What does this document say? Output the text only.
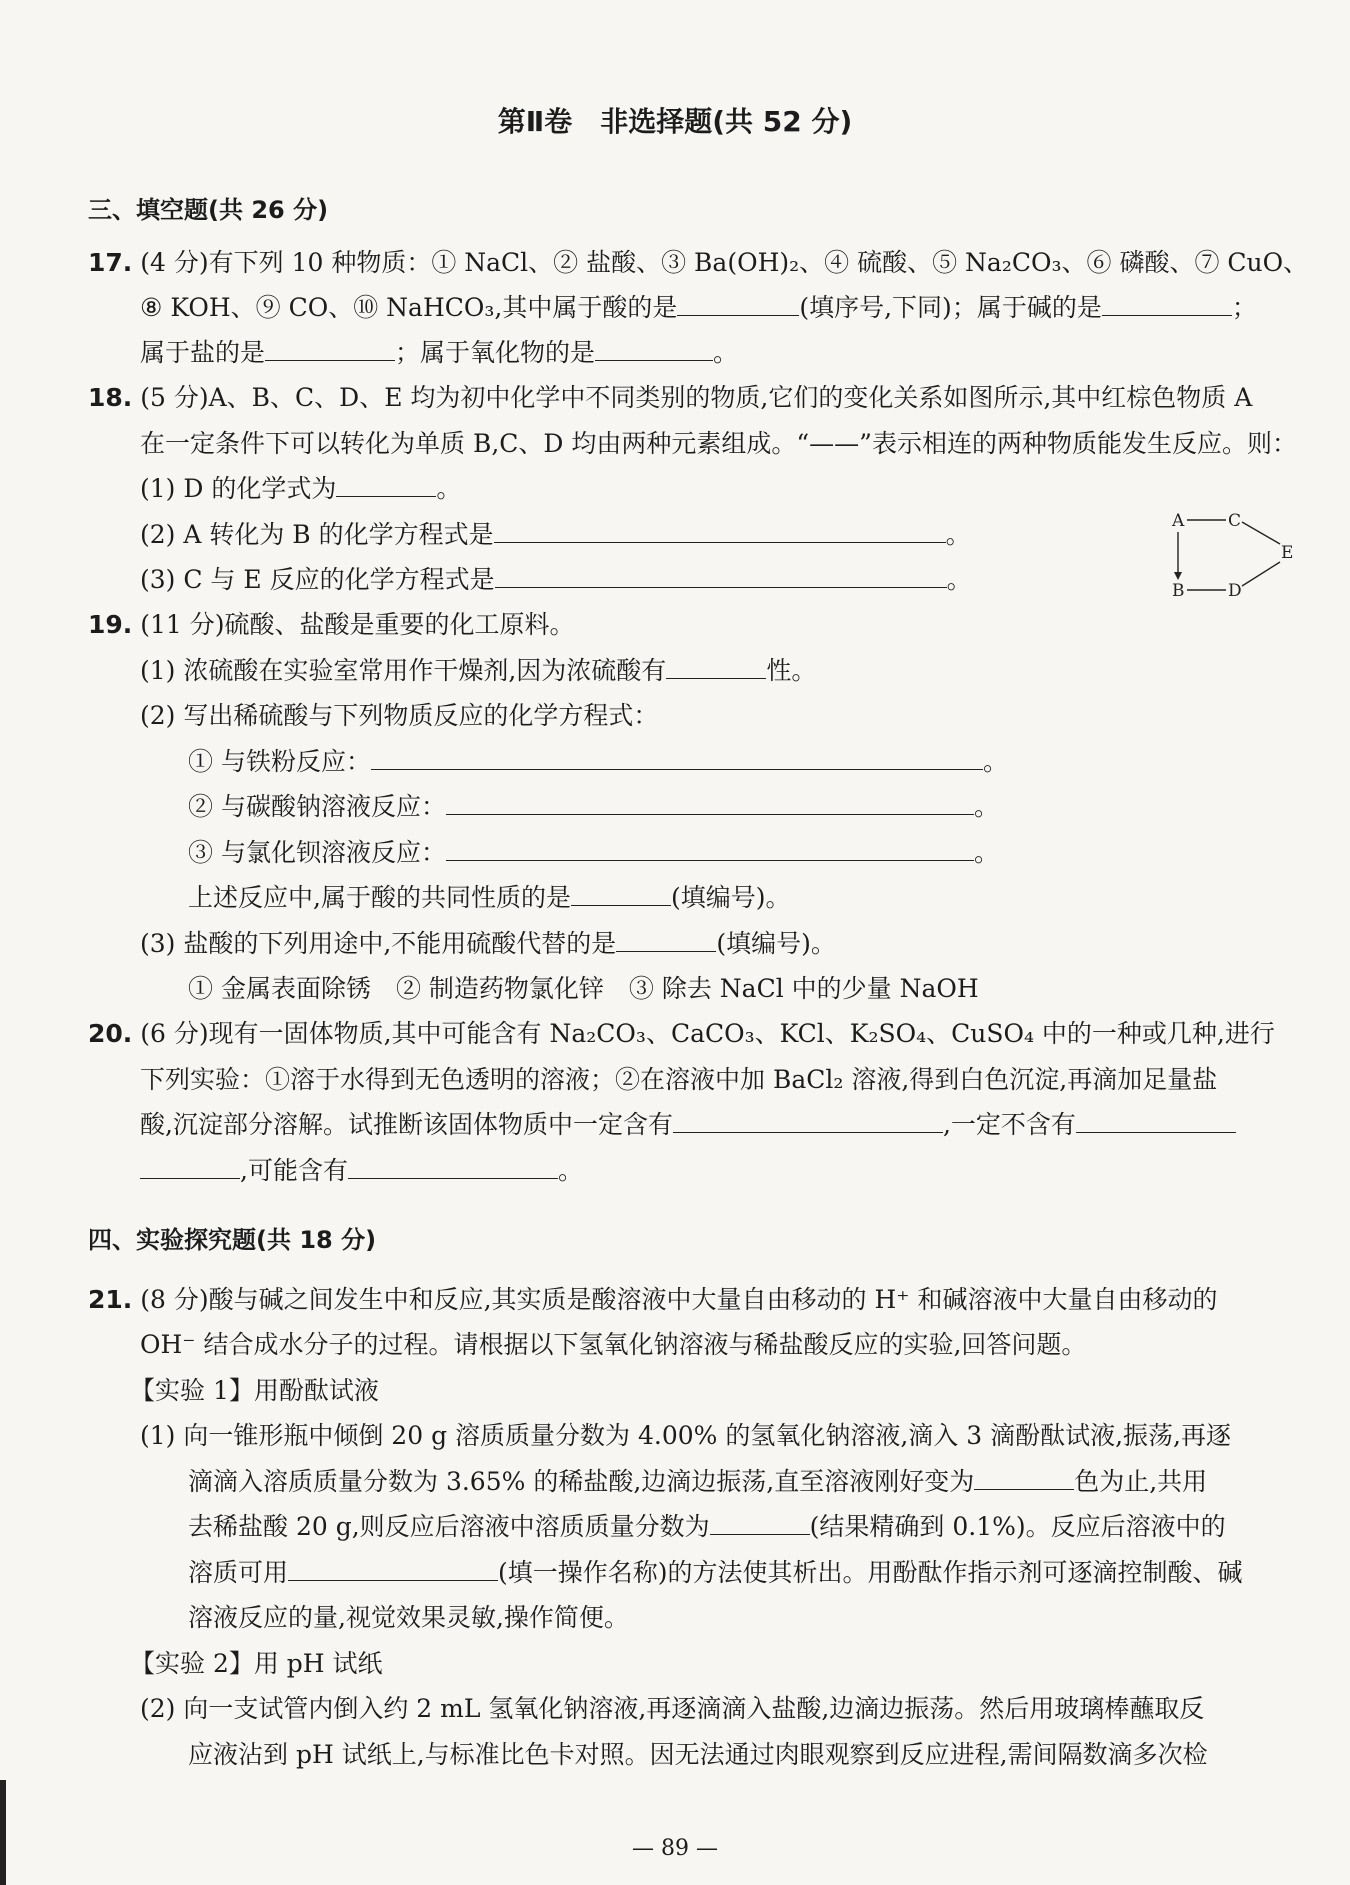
第Ⅱ卷　非选择题(共 52 分)
三、填空题(共 26 分)
17. (4 分)有下列 10 种物质：① NaCl、② 盐酸、③ Ba(OH)₂、④ 硫酸、⑤ Na₂CO₃、⑥ 磷酸、⑦ CuO、
⑧ KOH、⑨ CO、⑩ NaHCO₃,其中属于酸的是	(填序号,下同)；属于碱的是	；
属于盐的是	；属于氧化物的是	。
18. (5 分)A、B、C、D、E 均为初中化学中不同类别的物质,它们的变化关系如图所示,其中红棕色物质 A
在一定条件下可以转化为单质 B,C、D 均由两种元素组成。“——”表示相连的两种物质能发生反应。则：
(1) D 的化学式为	。
(2) A 转化为 B 的化学方程式是	。
(3) C 与 E 反应的化学方程式是	。
A	C
E
B	D
19. (11 分)硫酸、盐酸是重要的化工原料。
(1) 浓硫酸在实验室常用作干燥剂,因为浓硫酸有	性。
(2) 写出稀硫酸与下列物质反应的化学方程式：
① 与铁粉反应：	。
② 与碳酸钠溶液反应：	。
③ 与氯化钡溶液反应：	。
上述反应中,属于酸的共同性质的是	(填编号)。
(3) 盐酸的下列用途中,不能用硫酸代替的是	(填编号)。
① 金属表面除锈　② 制造药物氯化锌　③ 除去 NaCl 中的少量 NaOH
20. (6 分)现有一固体物质,其中可能含有 Na₂CO₃、CaCO₃、KCl、K₂SO₄、CuSO₄ 中的一种或几种,进行
下列实验：①溶于水得到无色透明的溶液；②在溶液中加 BaCl₂ 溶液,得到白色沉淀,再滴加足量盐
酸,沉淀部分溶解。试推断该固体物质中一定含有	,一定不含有
,可能含有	。
四、实验探究题(共 18 分)
21. (8 分)酸与碱之间发生中和反应,其实质是酸溶液中大量自由移动的 H⁺ 和碱溶液中大量自由移动的
OH⁻ 结合成水分子的过程。请根据以下氢氧化钠溶液与稀盐酸反应的实验,回答问题。
【实验 1】用酚酞试液
(1) 向一锥形瓶中倾倒 20 g 溶质质量分数为 4.00% 的氢氧化钠溶液,滴入 3 滴酚酞试液,振荡,再逐
滴滴入溶质质量分数为 3.65% 的稀盐酸,边滴边振荡,直至溶液刚好变为	色为止,共用
去稀盐酸 20 g,则反应后溶液中溶质质量分数为	(结果精确到 0.1%)。反应后溶液中的
溶质可用	(填一操作名称)的方法使其析出。用酚酞作指示剂可逐滴控制酸、碱
溶液反应的量,视觉效果灵敏,操作简便。
【实验 2】用 pH 试纸
(2) 向一支试管内倒入约 2 mL 氢氧化钠溶液,再逐滴滴入盐酸,边滴边振荡。然后用玻璃棒蘸取反
应液沾到 pH 试纸上,与标准比色卡对照。因无法通过肉眼观察到反应进程,需间隔数滴多次检
— 89 —
